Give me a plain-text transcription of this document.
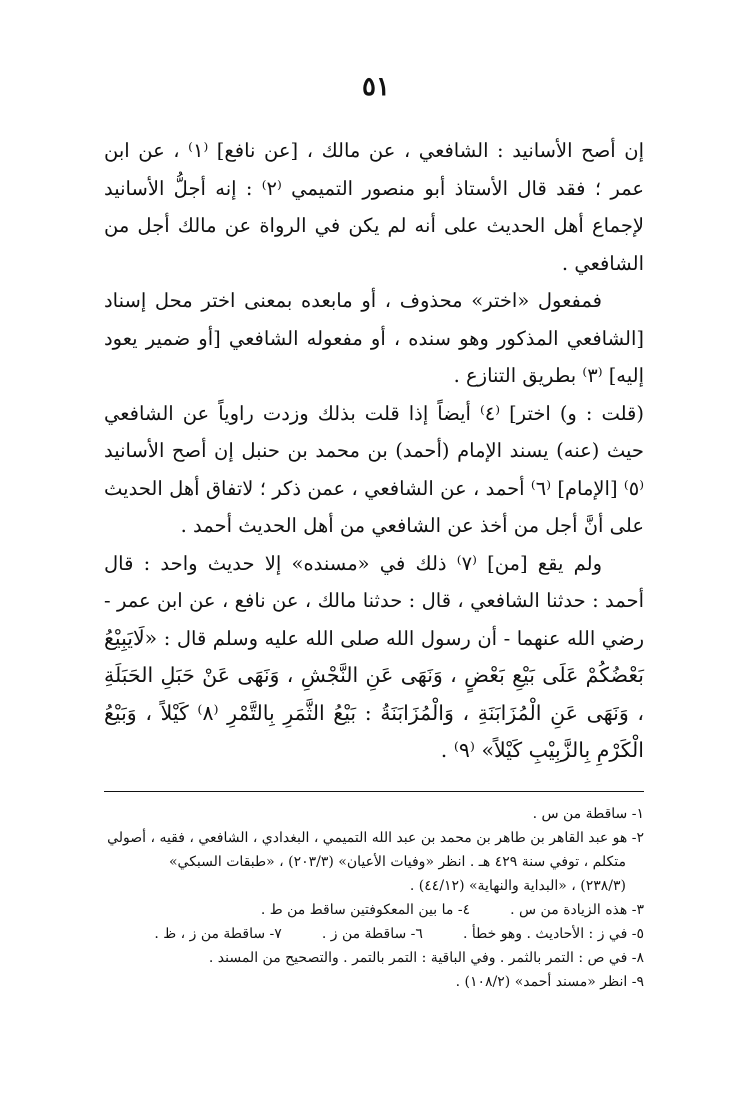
٥١

إن أصح الأسانيد : الشافعي ، عن مالك ، [عن نافع] ⁽١⁾ ، عن ابن عمر ؛ فقد قال الأستاذ أبو منصور التميمي ⁽٢⁾ : إنه أجلُّ الأسانيد لإجماع أهل الحديث على أنه لم يكن في الرواة عن مالك أجل من الشافعي .

فمفعول «اختر» محذوف ، أو مابعده بمعنى اختر محل إسناد [الشافعي المذكور وهو سنده ، أو مفعوله الشافعي [أو ضمير يعود إليه] ⁽٣⁾ بطريق التنازع .

(قلت : و) اختر] ⁽٤⁾ أيضاً إذا قلت بذلك وزدت راوياً عن الشافعي حيث (عنه) يسند الإمام (أحمد) بن محمد بن حنبل إن أصح الأسانيد ⁽٥⁾ [الإمام] ⁽٦⁾ أحمد ، عن الشافعي ، عمن ذكر ؛ لاتفاق أهل الحديث على أنَّ أجل من أخذ عن الشافعي من أهل الحديث أحمد .

ولم يقع [من] ⁽٧⁾ ذلك في «مسنده» إلا حديث واحد : قال أحمد : حدثنا الشافعي ، قال : حدثنا مالك ، عن نافع ، عن ابن عمر - رضي الله عنهما - أن رسول الله صلى الله عليه وسلم قال : «لَايَبِيْعُ بَعْضُكُمْ عَلَى بَيْعِ بَعْضٍ ، وَنَهَى عَنِ النَّجْشِ ، وَنَهَى عَنْ حَبَلِ الحَبَلَةِ ، وَنَهَى عَنِ الْمُزَابَنَةِ ، وَالْمُزَابَنَةُ : بَيْعُ الثَّمَرِ بِالتَّمْرِ ⁽٨⁾ كَيْلاً ، وَبَيْعُ الْكَرْمِ بِالزَّبِيْبِ كَيْلاً» ⁽٩⁾ .

١- ساقطة من س .

٢- هو عبد القاهر بن طاهر بن محمد بن عبد الله التميمي ، البغدادي ، الشافعي ، فقيه ، أصولي

متكلم ، توفي سنة ٤٢٩ هـ . انظر «وفيات الأعيان» (٢٠٣/٣) ، «طبقات السبكي»

(٢٣٨/٣) ، «البداية والنهاية» (٤٤/١٢) .

٣- هذه الزيادة من س .
٤- ما بين المعكوفتين ساقط من ط .
٥- في ز : الأحاديث . وهو خطأ .
٦- ساقطة من ز .
٧- ساقطة من ز ، ظ .

٨- في ص : التمر بالثمر . وفي الباقية : التمر بالتمر . والتصحيح من المسند .

٩- انظر «مسند أحمد» (١٠٨/٢) .
